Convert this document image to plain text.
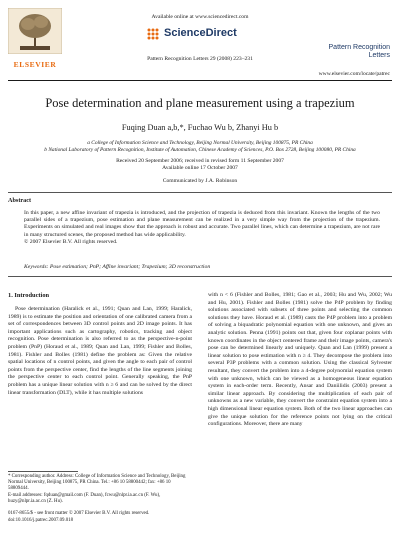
Available online at www.sciencedirect.com
ELSEVIER
ScienceDirect
Pattern Recognition Letters 29 (2008) 223–231
Pattern Recognition
Letters
www.elsevier.com/locate/patrec
Pose determination and plane measurement using a trapezium
Fuqing Duan a,b,*, Fuchao Wu b, Zhanyi Hu b
a College of Information Science and Technology, Beijing Normal University, Beijing 100875, PR China
b National Laboratory of Pattern Recognition, Institute of Automation, Chinese Academy of Sciences, P.O. Box 2728, Beijing 100080, PR China
Received 20 September 2006; received in revised form 11 September 2007
Available online 17 October 2007
Communicated by J.A. Robinson
Abstract
In this paper, a new affine invariant of trapezia is introduced, and the projection of trapezia is deduced from this invariant. Known the lengths of the two parallel sides of a trapezium, pose estimation and plane measurement can be realized in a very simple way from the projection of the trapezium. Experiments on simulated and real images show that the approach is robust and accurate. Two parallel lines, which can determine a trapezium, are not rare in many structured scenes, the proposed method has wide applicability.
© 2007 Elsevier B.V. All rights reserved.
Keywords: Pose estimation; PnP; Affine invariant; Trapezium; 3D reconstruction
1. Introduction
Pose determination (Haralick et al., 1991; Quan and Lan, 1999; Haralick, 1989) is to estimate the position and orientation of one calibrated camera from a set of correspondences between 3D control points and 2D image points. It has important applications such as cartography, robotics, tracking and object recognition. Pose determination is also referred to as the perspective-n-point problem (PnP) (Horaud et al., 1989; Quan and Lan, 1999; Fishler and Bolles, 1981). Fishler and Bolles (1981) define the problem as: Given the relative spatial locations of n control points, and given the angle to each pair of control points from the perspective center, find the lengths of the line segments joining the perspective center to each control point. Generally speaking, the PnP problem has a unique linear solution with n ≥ 6 and can be solved by the direct linear transformation (DLT), while it has multiple solutions
with n < 6 (Fishler and Bolles, 1981; Gao et al., 2003; Hu and Wu, 2002; Wu and Hu, 2001). Fishler and Bolles (1981) solve the P4P problem by finding solutions associated with subsets of three points and selecting the common solutions they have. Horaud et al. (1989) casts the P4P problem into a problem of solving a biquadratic polynomial equation with one unknown, and gives an analytic solution. Penna (1991) points out that, given four coplanar points with known coordinates in the object centered frame and their image points, camera's pose can be determined linearly and uniquely. Quan and Lan (1999) present a linear solution to pose estimation with n ≥ 4. They decompose the problem into several P3P problems with a common solution. Using the classical Sylvester resultant, they convert the problem into a 4-degree polynomial equation system with one unknown, which can be viewed as a homogeneous linear equation system in each-order term. Recently, Ansar and Daniilidis (2003) present a similar linear approach. By considering the multiplication of each pair of unknowns as a new variable, they convert the constraint equation system into a high dimensional linear equation system. Both of the two linear approaches can give the unique solution for the reference points not lying on the critical configurations. Moreover, there are many
* Corresponding author. Address: College of Information Science and Technology, Beijing Normal University, Beijing 100875, PR China. Tel.: +86 10 58800442; fax: +86 10 58809444.
E-mail addresses: fqduan@gmail.com (F. Duan), fcwu@nlpr.ia.ac.cn (F. Wu), huzy@nlpr.ia.ac.cn (Z. Hu).
0167-8655/$ - see front matter © 2007 Elsevier B.V. All rights reserved.
doi:10.1016/j.patrec.2007.09.018
